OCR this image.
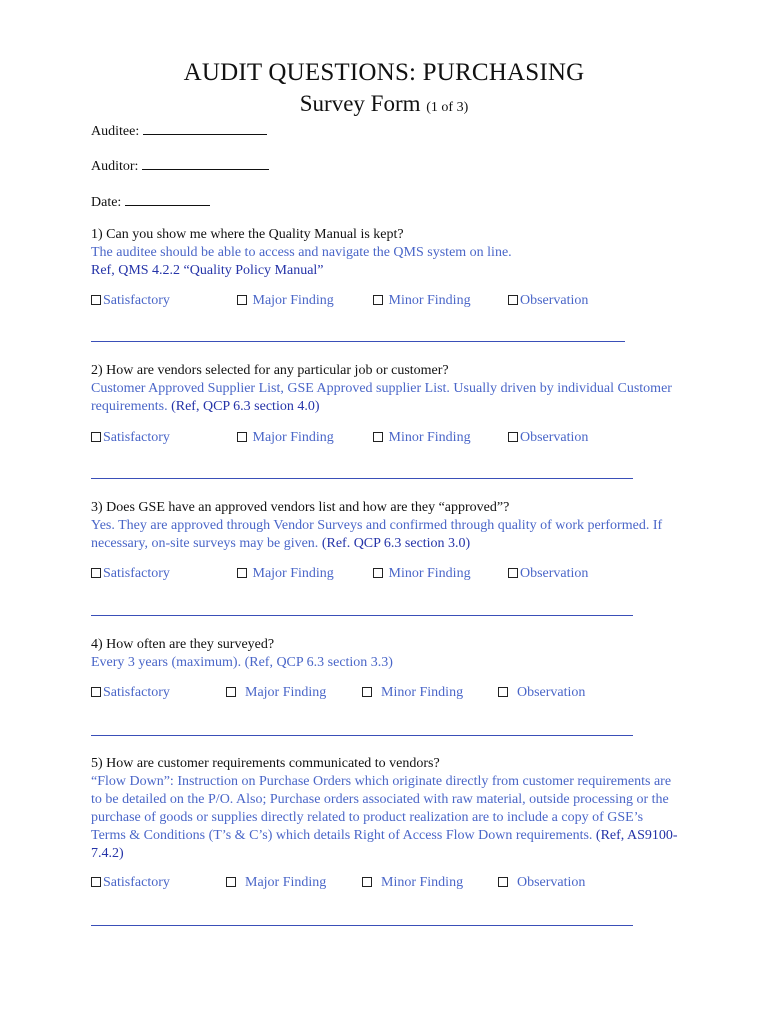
AUDIT QUESTIONS: PURCHASING
Survey Form (1 of 3)
Auditee:
Auditor:
Date:
1) Can you show me where the Quality Manual is kept?
The auditee should be able to access and navigate the QMS system on line.
Ref, QMS 4.2.2 “Quality Policy Manual”
Satisfactory	Major Finding	Minor Finding	Observation
2) How are vendors selected for any particular job or customer?
Customer Approved Supplier List, GSE Approved supplier List. Usually driven by individual Customer requirements. (Ref, QCP 6.3 section 4.0)
Satisfactory	Major Finding	Minor Finding	Observation
3) Does GSE have an approved vendors list and how are they “approved”?
Yes. They are approved through Vendor Surveys and confirmed through quality of work performed. If necessary, on-site surveys may be given. (Ref. QCP 6.3 section 3.0)
Satisfactory	Major Finding	Minor Finding	Observation
4) How often are they surveyed?
Every 3 years (maximum). (Ref, QCP 6.3 section 3.3)
Satisfactory	Major Finding	Minor Finding	Observation
5) How are customer requirements communicated to vendors?
“Flow Down”: Instruction on Purchase Orders which originate directly from customer requirements are to be detailed on the P/O. Also; Purchase orders associated with raw material, outside processing or the purchase of goods or supplies directly related to product realization are to include a copy of GSE’s Terms & Conditions (T’s & C’s) which details Right of Access Flow Down requirements. (Ref, AS9100-7.4.2)
Satisfactory	Major Finding	Minor Finding	Observation
